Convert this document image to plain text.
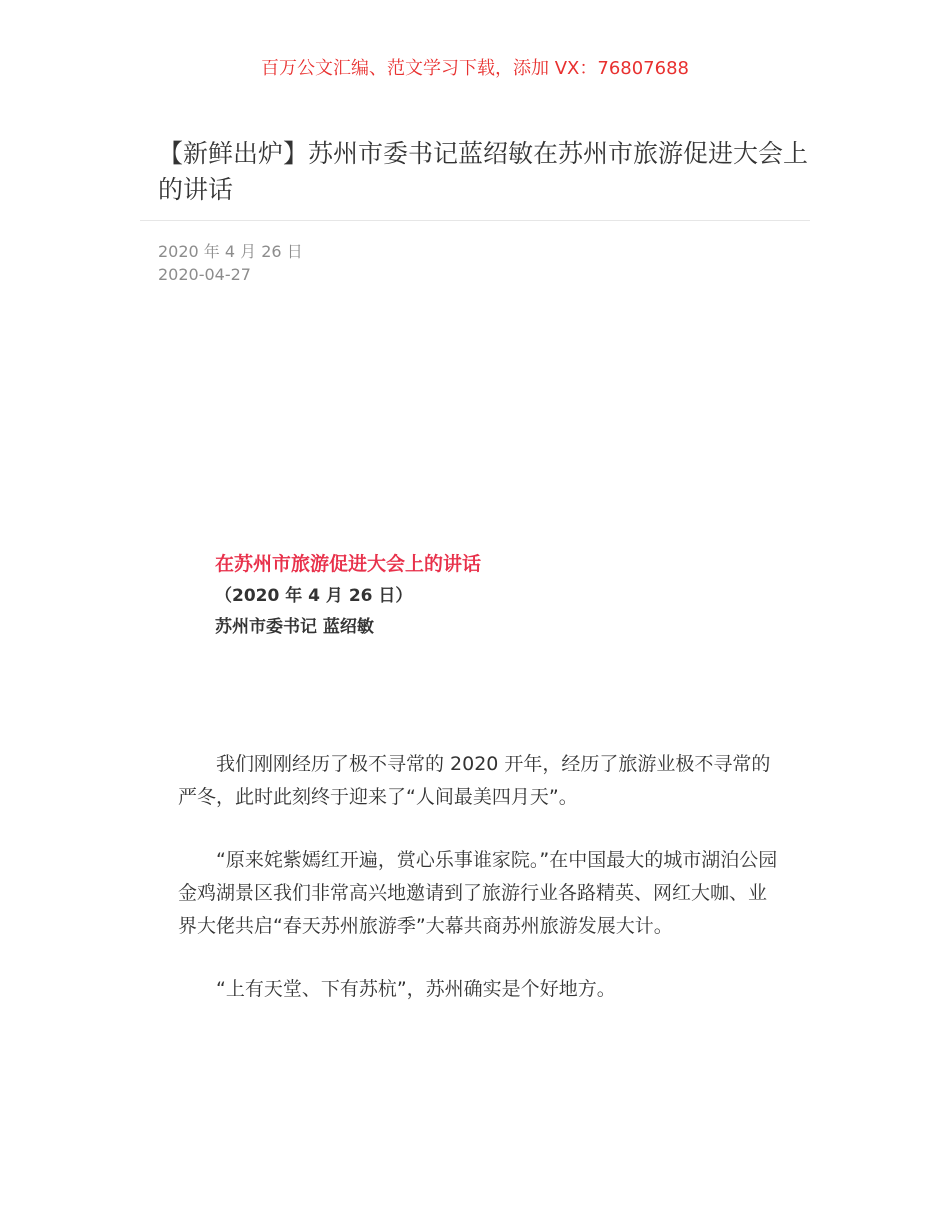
百万公文汇编、范文学习下载，添加 VX：76807688
【新鲜出炉】苏州市委书记蓝绍敏在苏州市旅游促进大会上的讲话
2020 年 4 月 26 日
2020-04-27
在苏州市旅游促进大会上的讲话
（2020 年 4 月 26 日）
苏州市委书记 蓝绍敏

我们刚刚经历了极不寻常的 2020 开年，经历了旅游业极不寻常的严冬，此时此刻终于迎来了“人间最美四月天”。

“原来姹紫嫣红开遍，赏心乐事谁家院。”在中国最大的城市湖泊公园金鸡湖景区我们非常高兴地邀请到了旅游行业各路精英、网红大咖、业界大佬共启“春天苏州旅游季”大幕共商苏州旅游发展大计。

“上有天堂、下有苏杭”，苏州确实是个好地方。
